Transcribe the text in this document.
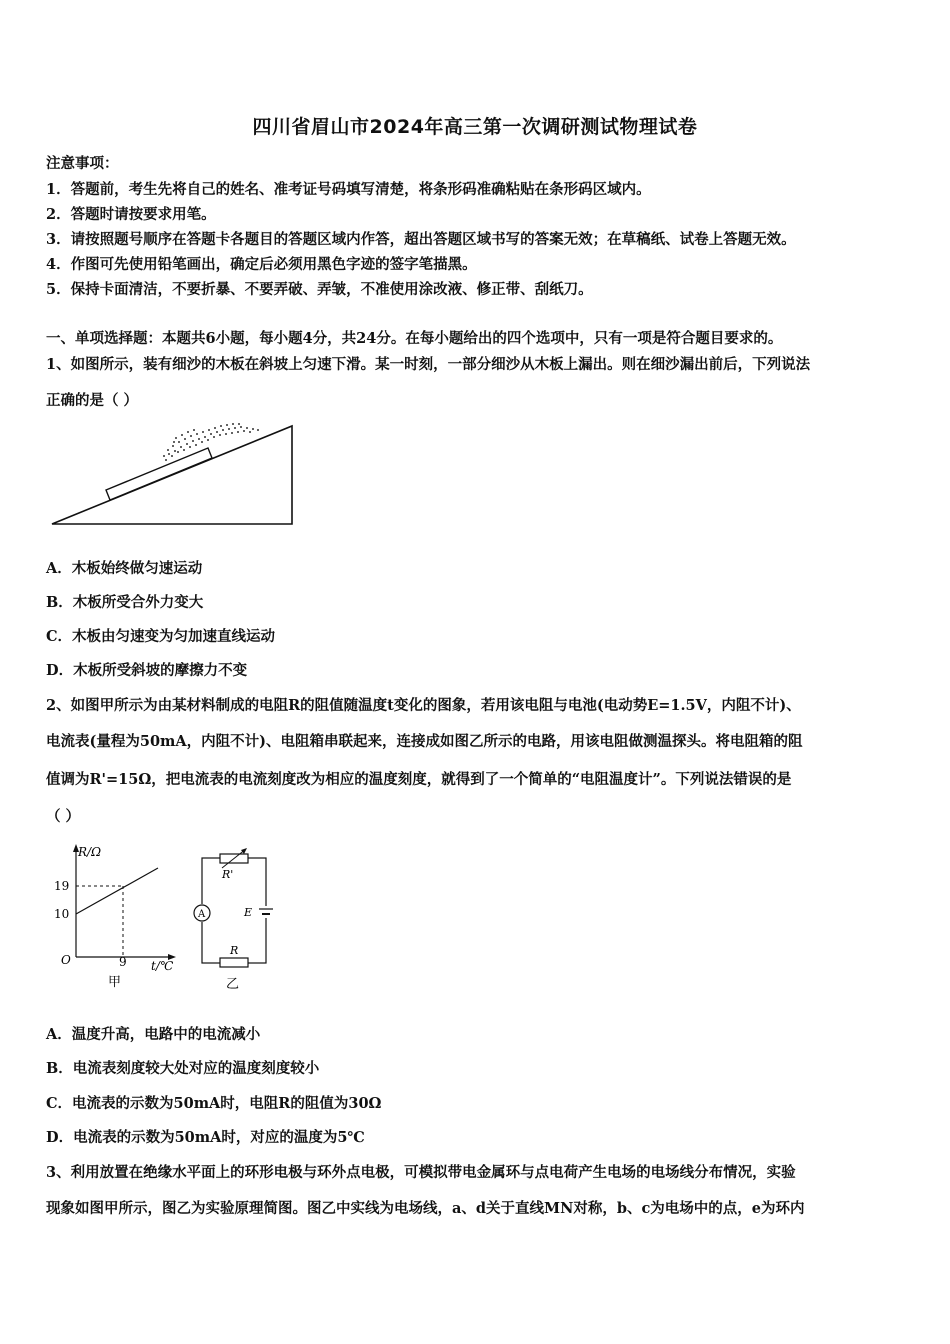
四川省眉山市2024年高三第一次调研测试物理试卷
注意事项：
1．答题前，考生先将自己的姓名、准考证号码填写清楚，将条形码准确粘贴在条形码区域内。
2．答题时请按要求用笔。
3．请按照题号顺序在答题卡各题目的答题区域内作答，超出答题区域书写的答案无效；在草稿纸、试卷上答题无效。
4．作图可先使用铅笔画出，确定后必须用黑色字迹的签字笔描黑。
5．保持卡面清洁，不要折暴、不要弄破、弄皱，不准使用涂改液、修正带、刮纸刀。
一、单项选择题：本题共6小题，每小题4分，共24分。在每小题给出的四个选项中，只有一项是符合题目要求的。
1、如图所示，装有细沙的木板在斜坡上匀速下滑。某一时刻，一部分细沙从木板上漏出。则在细沙漏出前后，下列说法
正确的是（ ）
A．木板始终做匀速运动
B．木板所受合外力变大
C．木板由匀速变为匀加速直线运动
D．木板所受斜坡的摩擦力不变
2、如图甲所示为由某材料制成的电阻R的阻值随温度t变化的图象，若用该电阻与电池(电动势E=1.5V，内阻不计)、
电流表(量程为50mA，内阻不计)、电阻箱串联起来，连接成如图乙所示的电路，用该电阻做测温探头。将电阻箱的阻
值调为R'=15Ω，把电流表的电流刻度改为相应的温度刻度，就得到了一个简单的“电阻温度计”。下列说法错误的是
（ ）
R/Ω
19
10
O	9 t/℃
甲
R'
A	E
R
乙
A．温度升高，电路中的电流减小
B．电流表刻度较大处对应的温度刻度较小
C．电流表的示数为50mA时，电阻R的阻值为30Ω
D．电流表的示数为50mA时，对应的温度为5℃
3、利用放置在绝缘水平面上的环形电极与环外点电极，可模拟带电金属环与点电荷产生电场的电场线分布情况，实验
现象如图甲所示，图乙为实验原理简图。图乙中实线为电场线，a、d关于直线MN对称，b、c为电场中的点，e为环内
